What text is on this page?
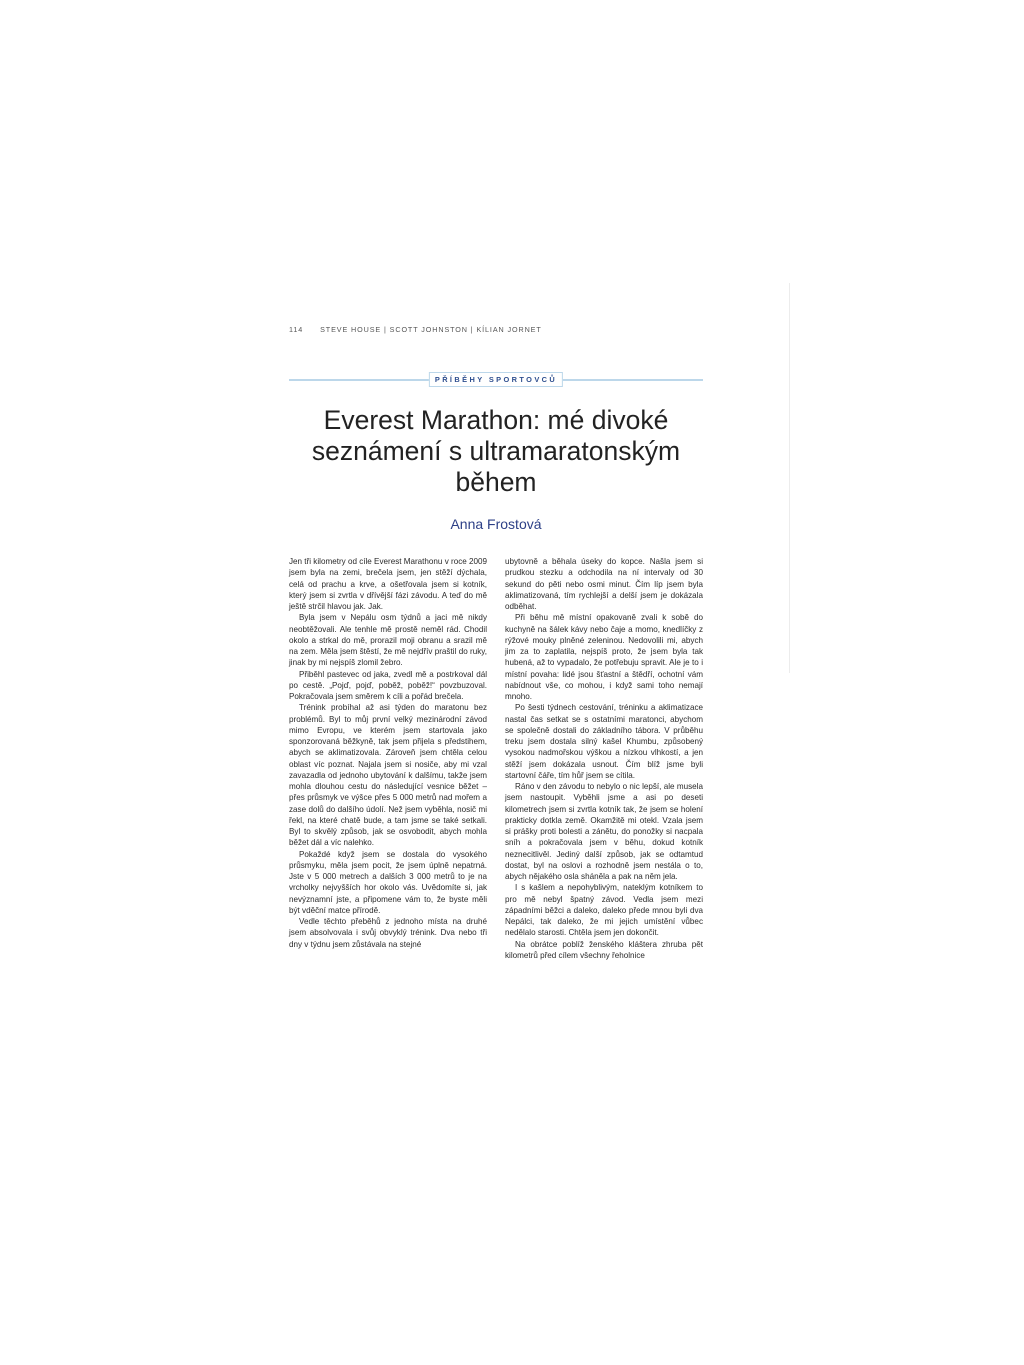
114 STEVE HOUSE | SCOTT JOHNSTON | KÍLIAN JORNET
PŘÍBĚHY SPORTOVCŮ
Everest Marathon: mé divoké seznámení s ultramaratonským během
Anna Frostová

Jen tři kilometry od cíle Everest Marathonu v roce 2009 jsem byla na zemi, brečela jsem, jen stěží dýchala, celá od prachu a krve, a ošetřovala jsem si kotník, který jsem si zvrtla v dřívější fázi závodu. A teď do mě ještě strčil hlavou jak. Jak.

Byla jsem v Nepálu osm týdnů a jaci mě nikdy neobtěžovali. Ale tenhle mě prostě neměl rád. Chodil okolo a strkal do mě, prorazil moji obranu a srazil mě na zem. Měla jsem štěstí, že mě nejdřív praštil do ruky, jinak by mi nejspíš zlomil žebro.

Přiběhl pastevec od jaka, zvedl mě a postrkoval dál po cestě. „Pojď, pojď, poběž, poběž!“ povzbuzoval. Pokračovala jsem směrem k cíli a pořád brečela.

Trénink probíhal až asi týden do maratonu bez problémů. Byl to můj první velký mezinárodní závod mimo Evropu, ve kterém jsem startovala jako sponzorovaná běžkyně, tak jsem přijela s předstihem, abych se aklimatizovala. Zároveň jsem chtěla celou oblast víc poznat. Najala jsem si nosiče, aby mi vzal zavazadla od jednoho ubytování k dalšímu, takže jsem mohla dlouhou cestu do následující vesnice běžet – přes průsmyk ve výšce přes 5 000 metrů nad mořem a zase dolů do dalšího údolí. Než jsem vyběhla, nosič mi řekl, na které chatě bude, a tam jsme se také setkali. Byl to skvělý způsob, jak se osvobodit, abych mohla běžet dál a víc nalehko.

Pokaždé když jsem se dostala do vysokého průsmyku, měla jsem pocit, že jsem úplně nepatrná. Jste v 5 000 metrech a dalších 3 000 metrů to je na vrcholky nejvyšších hor okolo vás. Uvědomíte si, jak nevýznamní jste, a připomene vám to, že byste měli být vděční matce přírodě.

Vedle těchto přeběhů z jednoho místa na druhé jsem absolvovala i svůj obvyklý trénink. Dva nebo tři dny v týdnu jsem zůstávala na stejné

ubytovně a běhala úseky do kopce. Našla jsem si prudkou stezku a odchodila na ní intervaly od 30 sekund do pěti nebo osmi minut. Čím líp jsem byla aklimatizovaná, tím rychlejší a delší jsem je dokázala odběhat.

Při běhu mě místní opakovaně zvali k sobě do kuchyně na šálek kávy nebo čaje a momo, knedlíčky z rýžové mouky plněné zeleninou. Nedovolili mi, abych jim za to zaplatila, nejspíš proto, že jsem byla tak hubená, až to vypadalo, že potřebuju spravit. Ale je to i místní povaha: lidé jsou šťastní a štědří, ochotní vám nabídnout vše, co mohou, i když sami toho nemají mnoho.

Po šesti týdnech cestování, tréninku a aklimatizace nastal čas setkat se s ostatními maratonci, abychom se společně dostali do základního tábora. V průběhu treku jsem dostala silný kašel Khumbu, způsobený vysokou nadmořskou výškou a nízkou vlhkostí, a jen stěží jsem dokázala usnout. Čím blíž jsme byli startovní čáře, tím hůř jsem se cítila.

Ráno v den závodu to nebylo o nic lepší, ale musela jsem nastoupit. Vyběhli jsme a asi po deseti kilometrech jsem si zvrtla kotník tak, že jsem se holení prakticky dotkla země. Okamžitě mi otekl. Vzala jsem si prášky proti bolesti a zánětu, do ponožky si nacpala sníh a pokračovala jsem v běhu, dokud kotník neznecitlivěl. Jediný další způsob, jak se odtamtud dostat, byl na oslovi a rozhodně jsem nestála o to, abych nějakého osla sháněla a pak na něm jela.

I s kašlem a nepohyblivým, nateklým kotníkem to pro mě nebyl špatný závod. Vedla jsem mezi západními běžci a daleko, daleko přede mnou byli dva Nepálci, tak daleko, že mi jejich umístění vůbec nedělalo starosti. Chtěla jsem jen dokončit.

Na obrátce poblíž ženského kláštera zhruba pět kilometrů před cílem všechny řeholnice
